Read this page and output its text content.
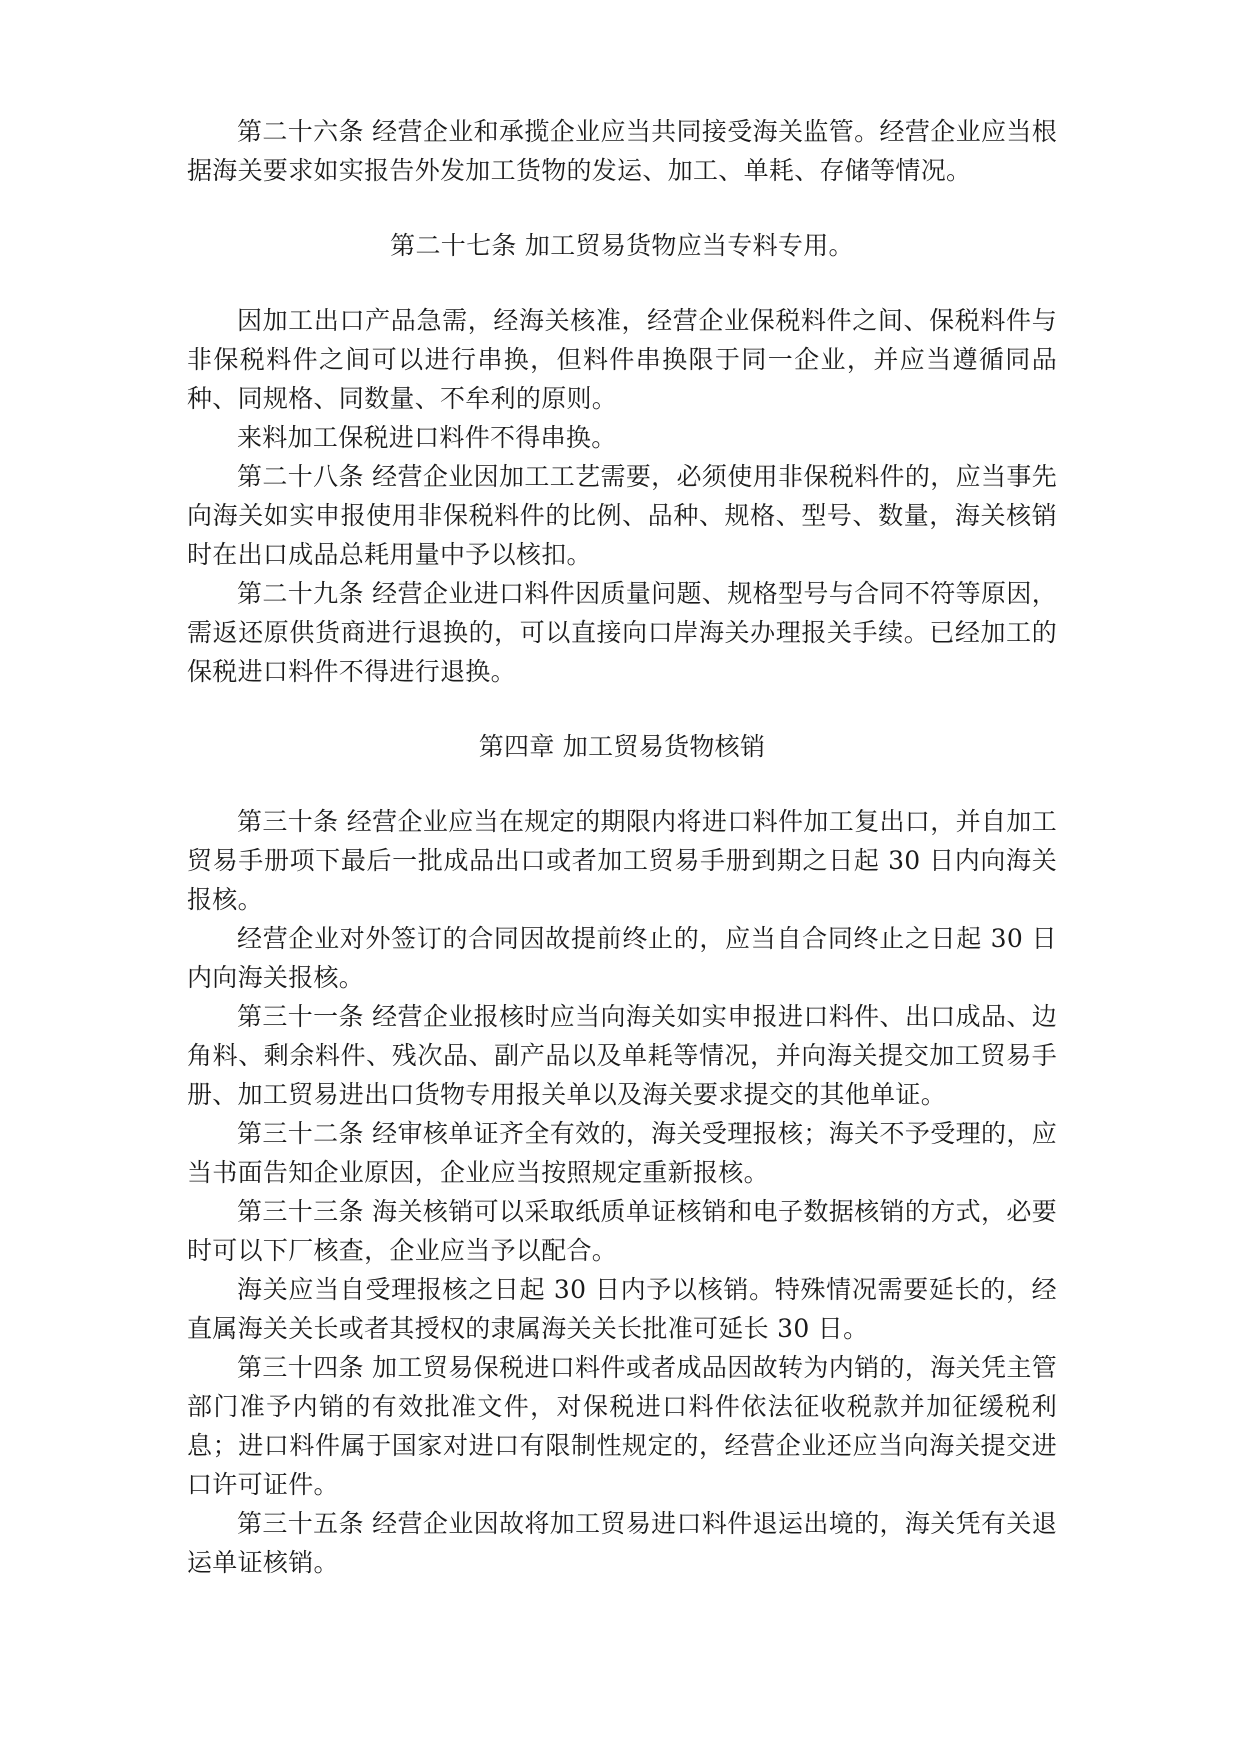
第二十六条 经营企业和承揽企业应当共同接受海关监管。经营企业应当根据海关要求如实报告外发加工货物的发运、加工、单耗、存储等情况。

第二十七条 加工贸易货物应当专料专用。

因加工出口产品急需，经海关核准，经营企业保税料件之间、保税料件与非保税料件之间可以进行串换，但料件串换限于同一企业，并应当遵循同品种、同规格、同数量、不牟利的原则。

来料加工保税进口料件不得串换。

第二十八条 经营企业因加工工艺需要，必须使用非保税料件的，应当事先向海关如实申报使用非保税料件的比例、品种、规格、型号、数量，海关核销时在出口成品总耗用量中予以核扣。

第二十九条 经营企业进口料件因质量问题、规格型号与合同不符等原因，需返还原供货商进行退换的，可以直接向口岸海关办理报关手续。已经加工的保税进口料件不得进行退换。

第四章 加工贸易货物核销

第三十条 经营企业应当在规定的期限内将进口料件加工复出口，并自加工贸易手册项下最后一批成品出口或者加工贸易手册到期之日起 30 日内向海关报核。

经营企业对外签订的合同因故提前终止的，应当自合同终止之日起 30 日内向海关报核。

第三十一条 经营企业报核时应当向海关如实申报进口料件、出口成品、边角料、剩余料件、残次品、副产品以及单耗等情况，并向海关提交加工贸易手册、加工贸易进出口货物专用报关单以及海关要求提交的其他单证。

第三十二条 经审核单证齐全有效的，海关受理报核；海关不予受理的，应当书面告知企业原因，企业应当按照规定重新报核。

第三十三条 海关核销可以采取纸质单证核销和电子数据核销的方式，必要时可以下厂核查，企业应当予以配合。

海关应当自受理报核之日起 30 日内予以核销。特殊情况需要延长的，经直属海关关长或者其授权的隶属海关关长批准可延长 30 日。

第三十四条 加工贸易保税进口料件或者成品因故转为内销的，海关凭主管部门准予内销的有效批准文件，对保税进口料件依法征收税款并加征缓税利息；进口料件属于国家对进口有限制性规定的，经营企业还应当向海关提交进口许可证件。

第三十五条 经营企业因故将加工贸易进口料件退运出境的，海关凭有关退运单证核销。
